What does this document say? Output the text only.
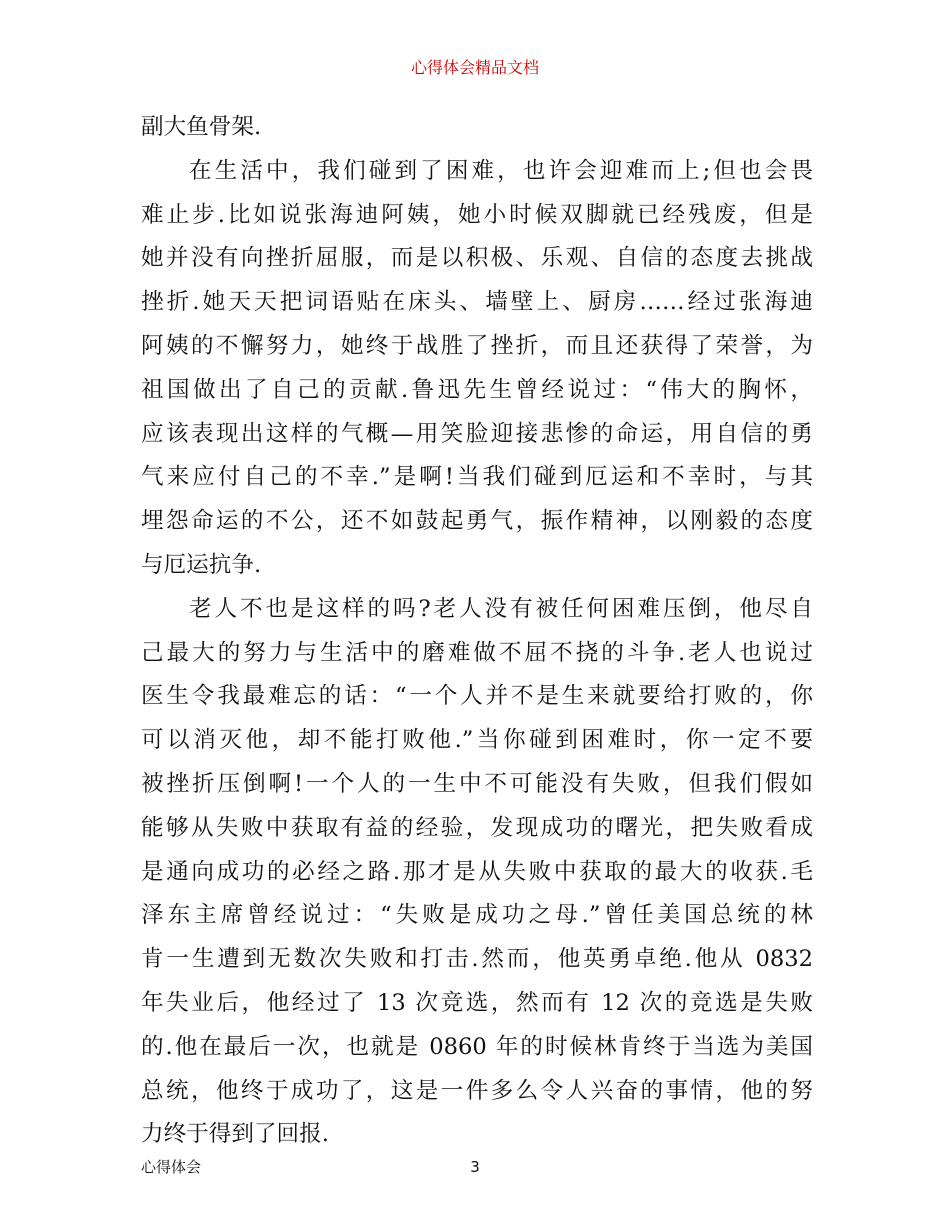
心得体会精品文档
副大鱼骨架.
在生活中，我们碰到了困难，也许会迎难而上;但也会畏
难止步.比如说张海迪阿姨，她小时候双脚就已经残废，但是
她并没有向挫折屈服，而是以积极、乐观、自信的态度去挑战
挫折.她天天把词语贴在床头、墙壁上、厨房……经过张海迪
阿姨的不懈努力，她终于战胜了挫折，而且还获得了荣誉，为
祖国做出了自己的贡献.鲁迅先生曾经说过：“伟大的胸怀，
应该表现出这样的气概—用笑脸迎接悲惨的命运，用自信的勇
气来应付自己的不幸.”是啊!当我们碰到厄运和不幸时，与其
埋怨命运的不公，还不如鼓起勇气，振作精神，以刚毅的态度
与厄运抗争.
老人不也是这样的吗?老人没有被任何困难压倒，他尽自
己最大的努力与生活中的磨难做不屈不挠的斗争.老人也说过
医生令我最难忘的话：“一个人并不是生来就要给打败的，你
可以消灭他，却不能打败他.”当你碰到困难时，你一定不要
被挫折压倒啊!一个人的一生中不可能没有失败，但我们假如
能够从失败中获取有益的经验，发现成功的曙光，把失败看成
是通向成功的必经之路.那才是从失败中获取的最大的收获.毛
泽东主席曾经说过：“失败是成功之母.”曾任美国总统的林
肯一生遭到无数次失败和打击.然而，他英勇卓绝.他从 0832
年失业后，他经过了 13 次竞选，然而有 12 次的竞选是失败
的.他在最后一次，也就是 0860 年的时候林肯终于当选为美国
总统，他终于成功了，这是一件多么令人兴奋的事情，他的努
力终于得到了回报.
心得体会	3
